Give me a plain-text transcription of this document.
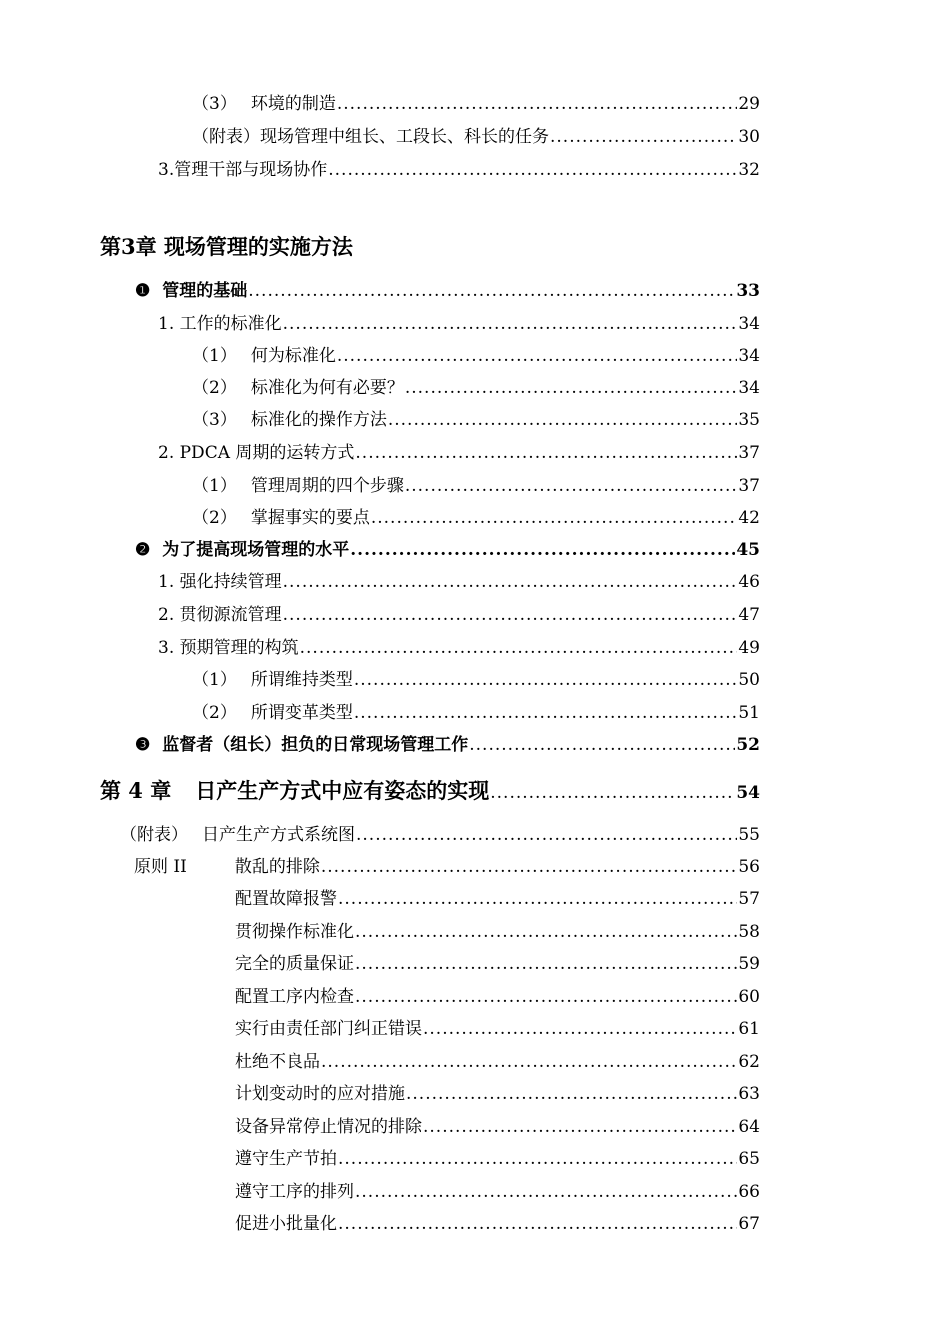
（3） 环境的制造 .....	29
（附表）现场管理中组长、工段长、科长的任务 .....	30
3.管理干部与现场协作 .....	32
第3章 现场管理的实施方法
❶ 管理的基础 .....	33
1. 工作的标准化 .....	34
（1） 何为标准化 .....	34
（2） 标准化为何有必要？ .....	34
（3） 标准化的操作方法 .....	35
2. PDCA 周期的运转方式 .....	37
（1） 管理周期的四个步骤 .....	37
（2） 掌握事实的要点 .....	42
❷ 为了提高现场管理的水平 .....	45
1. 强化持续管理 .....	46
2. 贯彻源流管理 .....	47
3. 预期管理的构筑 .....	49
（1） 所谓维持类型 .....	50
（2） 所谓变革类型 .....	51
❸ 监督者（组长）担负的日常现场管理工作 .....	52
第 4 章 日产生产方式中应有姿态的实现 .....	54
（附表） 日产生产方式系统图 .....	55
原则 II	散乱的排除 .....	56
配置故障报警 .....	57
贯彻操作标准化 .....	58
完全的质量保证 .....	59
配置工序内检查 .....	60
实行由责任部门纠正错误 .....	61
杜绝不良品 .....	62
计划变动时的应对措施 .....	63
设备异常停止情况的排除 .....	64
遵守生产节拍 .....	65
遵守工序的排列 .....	66
促进小批量化 .....	67
